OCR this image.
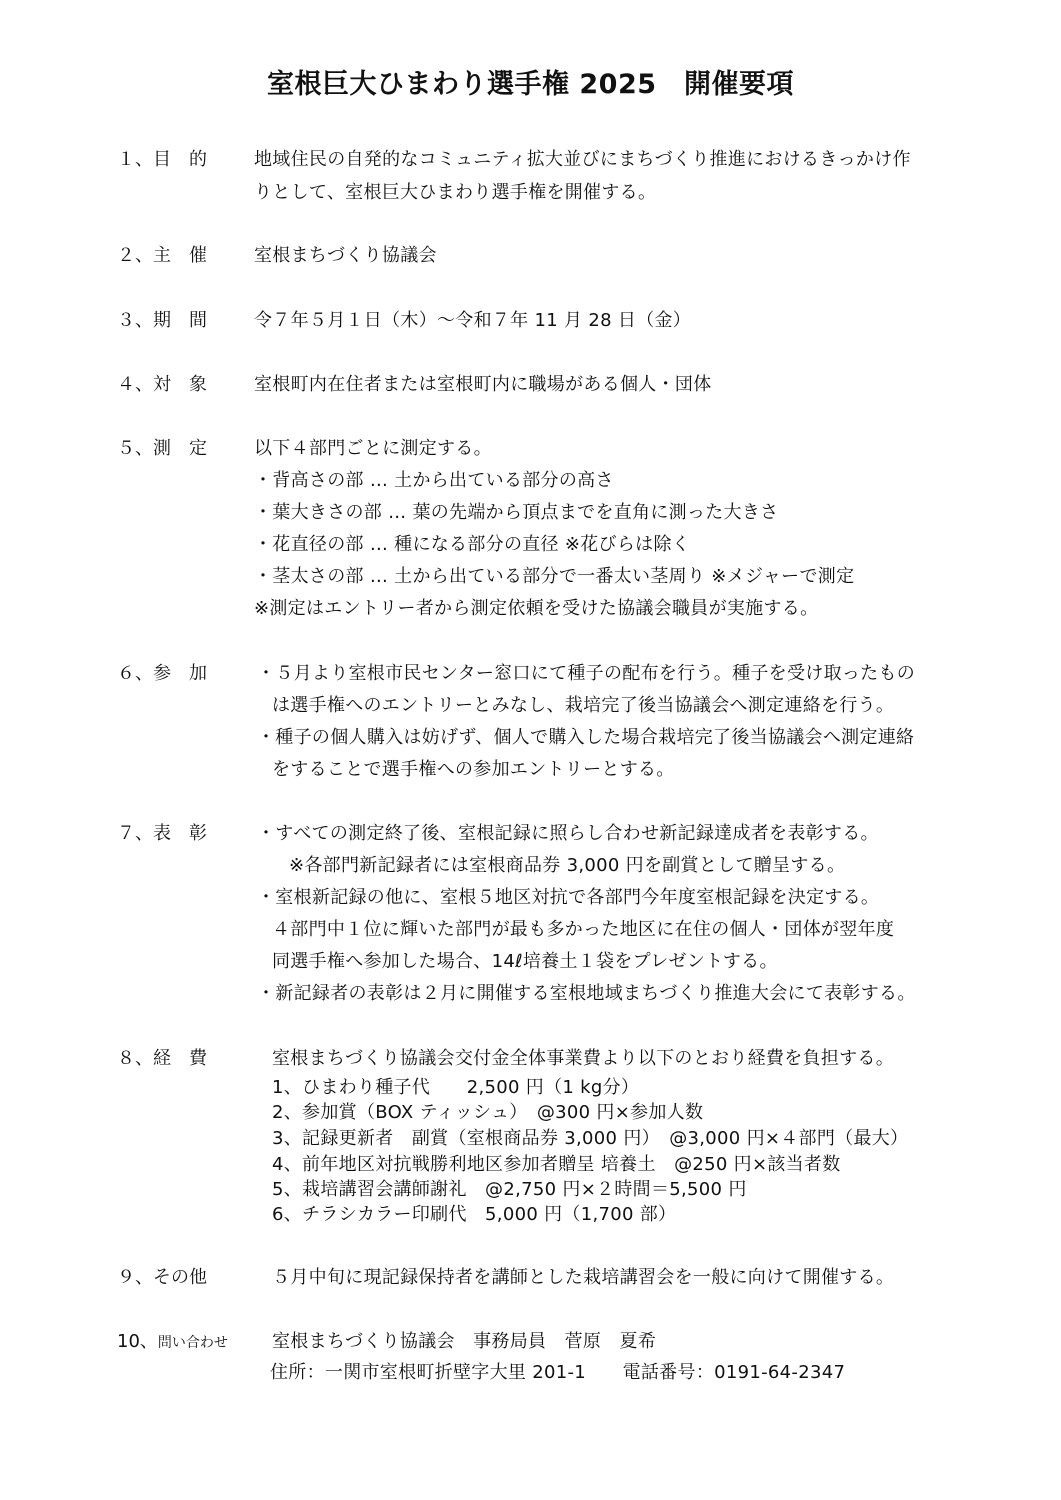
室根巨大ひまわり選手権 2025　開催要項
１、目　的	地域住民の自発的なコミュニティ拡大並びにまちづくり推進におけるきっかけ作
りとして、室根巨大ひまわり選手権を開催する。
２、主　催	室根まちづくり協議会
３、期　間	令７年５月１日（木）～令和７年 11 月 28 日（金）
４、対　象	室根町内在住者または室根町内に職場がある個人・団体
５、測　定	以下４部門ごとに測定する。
・背高さの部 … 土から出ている部分の高さ
・葉大きさの部 … 葉の先端から頂点までを直角に測った大きさ
・花直径の部 … 種になる部分の直径 ※花びらは除く
・茎太さの部 … 土から出ている部分で一番太い茎周り ※メジャーで測定
※測定はエントリー者から測定依頼を受けた協議会職員が実施する。
６、参　加	・５月より室根市民センター窓口にて種子の配布を行う。種子を受け取ったもの
は選手権へのエントリーとみなし、栽培完了後当協議会へ測定連絡を行う。
・種子の個人購入は妨げず、個人で購入した場合栽培完了後当協議会へ測定連絡
をすることで選手権への参加エントリーとする。
７、表　彰	・すべての測定終了後、室根記録に照らし合わせ新記録達成者を表彰する。
※各部門新記録者には室根商品券 3,000 円を副賞として贈呈する。
・室根新記録の他に、室根５地区対抗で各部門今年度室根記録を決定する。
４部門中１位に輝いた部門が最も多かった地区に在住の個人・団体が翌年度
同選手権へ参加した場合、14ℓ培養土１袋をプレゼントする。
・新記録者の表彰は２月に開催する室根地域まちづくり推進大会にて表彰する。
８、経　費	室根まちづくり協議会交付金全体事業費より以下のとおり経費を負担する。
1、ひまわり種子代　　2,500 円（1 kg分）
2、参加賞（BOX ティッシュ）　@300 円×参加人数
3、記録更新者　副賞（室根商品券 3,000 円）　@3,000 円×４部門（最大）
4、前年地区対抗戦勝利地区参加者贈呈 培養土　@250 円×該当者数
5、栽培講習会講師謝礼　@2,750 円×２時間＝5,500 円
6、チラシカラー印刷代　5,000 円（1,700 部）
９、その他	５月中旬に現記録保持者を講師とした栽培講習会を一般に向けて開催する。
10、問い合わせ 室根まちづくり協議会　事務局員　菅原　夏希
住所：一関市室根町折壁字大里 201-1　　電話番号：0191-64-2347
